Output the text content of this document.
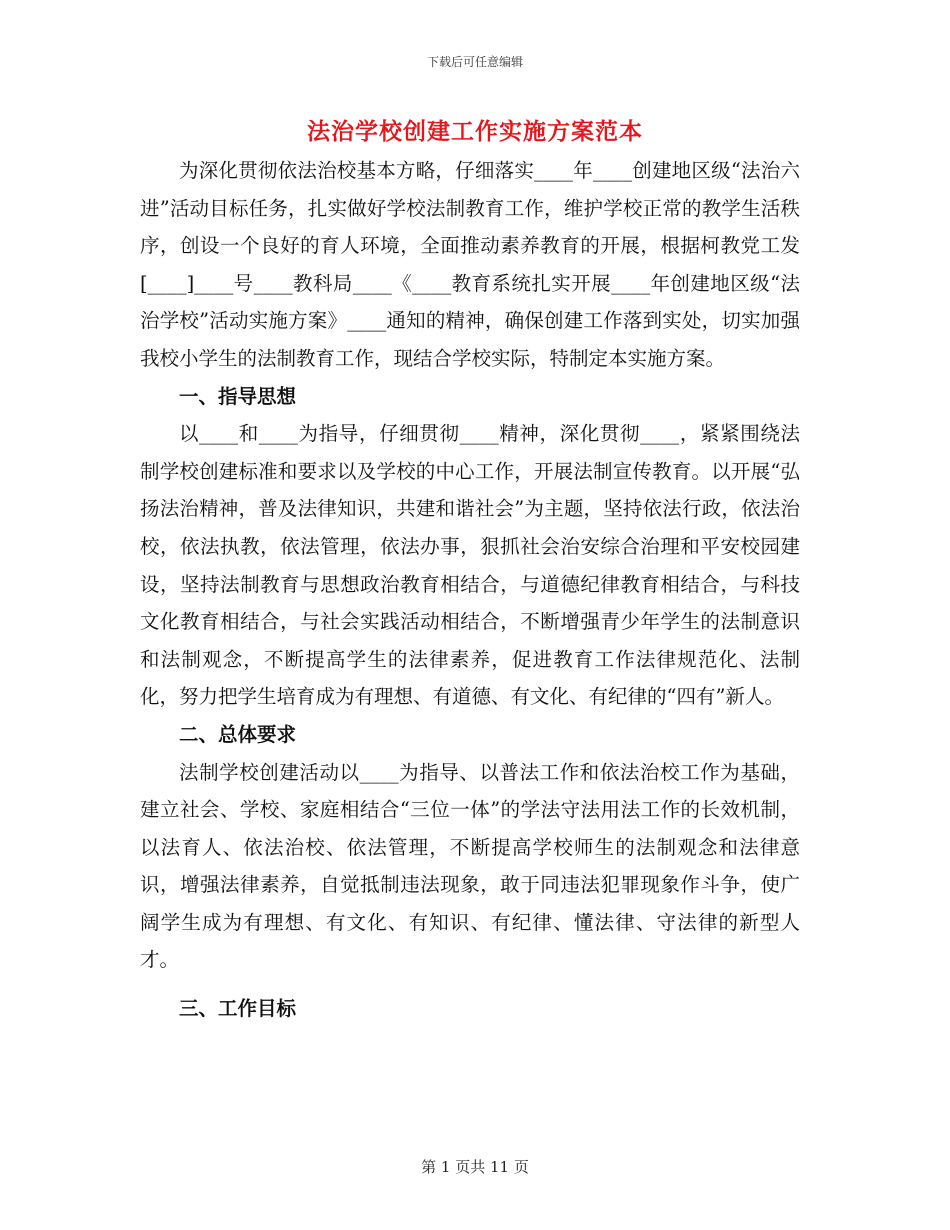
下载后可任意编辑
法治学校创建工作实施方案范本

为深化贯彻依法治校基本方略，仔细落实____年____创建地区级“法治六进”活动目标任务，扎实做好学校法制教育工作，维护学校正常的教学生活秩序，创设一个良好的育人环境，全面推动素养教育的开展，根据柯教党工发[____]____号____教科局____《____教育系统扎实开展____年创建地区级“法治学校”活动实施方案》____通知的精神，确保创建工作落到实处，切实加强我校小学生的法制教育工作，现结合学校实际，特制定本实施方案。

一、指导思想

以____和____为指导，仔细贯彻____精神，深化贯彻____，紧紧围绕法制学校创建标准和要求以及学校的中心工作，开展法制宣传教育。以开展“弘扬法治精神，普及法律知识，共建和谐社会”为主题，坚持依法行政，依法治校，依法执教，依法管理，依法办事，狠抓社会治安综合治理和平安校园建设，坚持法制教育与思想政治教育相结合，与道德纪律教育相结合，与科技文化教育相结合，与社会实践活动相结合，不断增强青少年学生的法制意识和法制观念，不断提高学生的法律素养，促进教育工作法律规范化、法制化，努力把学生培育成为有理想、有道德、有文化、有纪律的“四有”新人。

二、总体要求

法制学校创建活动以____为指导、以普法工作和依法治校工作为基础，建立社会、学校、家庭相结合“三位一体”的学法守法用法工作的长效机制，以法育人、依法治校、依法管理，不断提高学校师生的法制观念和法律意识，增强法律素养，自觉抵制违法现象，敢于同违法犯罪现象作斗争，使广阔学生成为有理想、有文化、有知识、有纪律、懂法律、守法律的新型人才。

三、工作目标

第 1 页共 11 页
